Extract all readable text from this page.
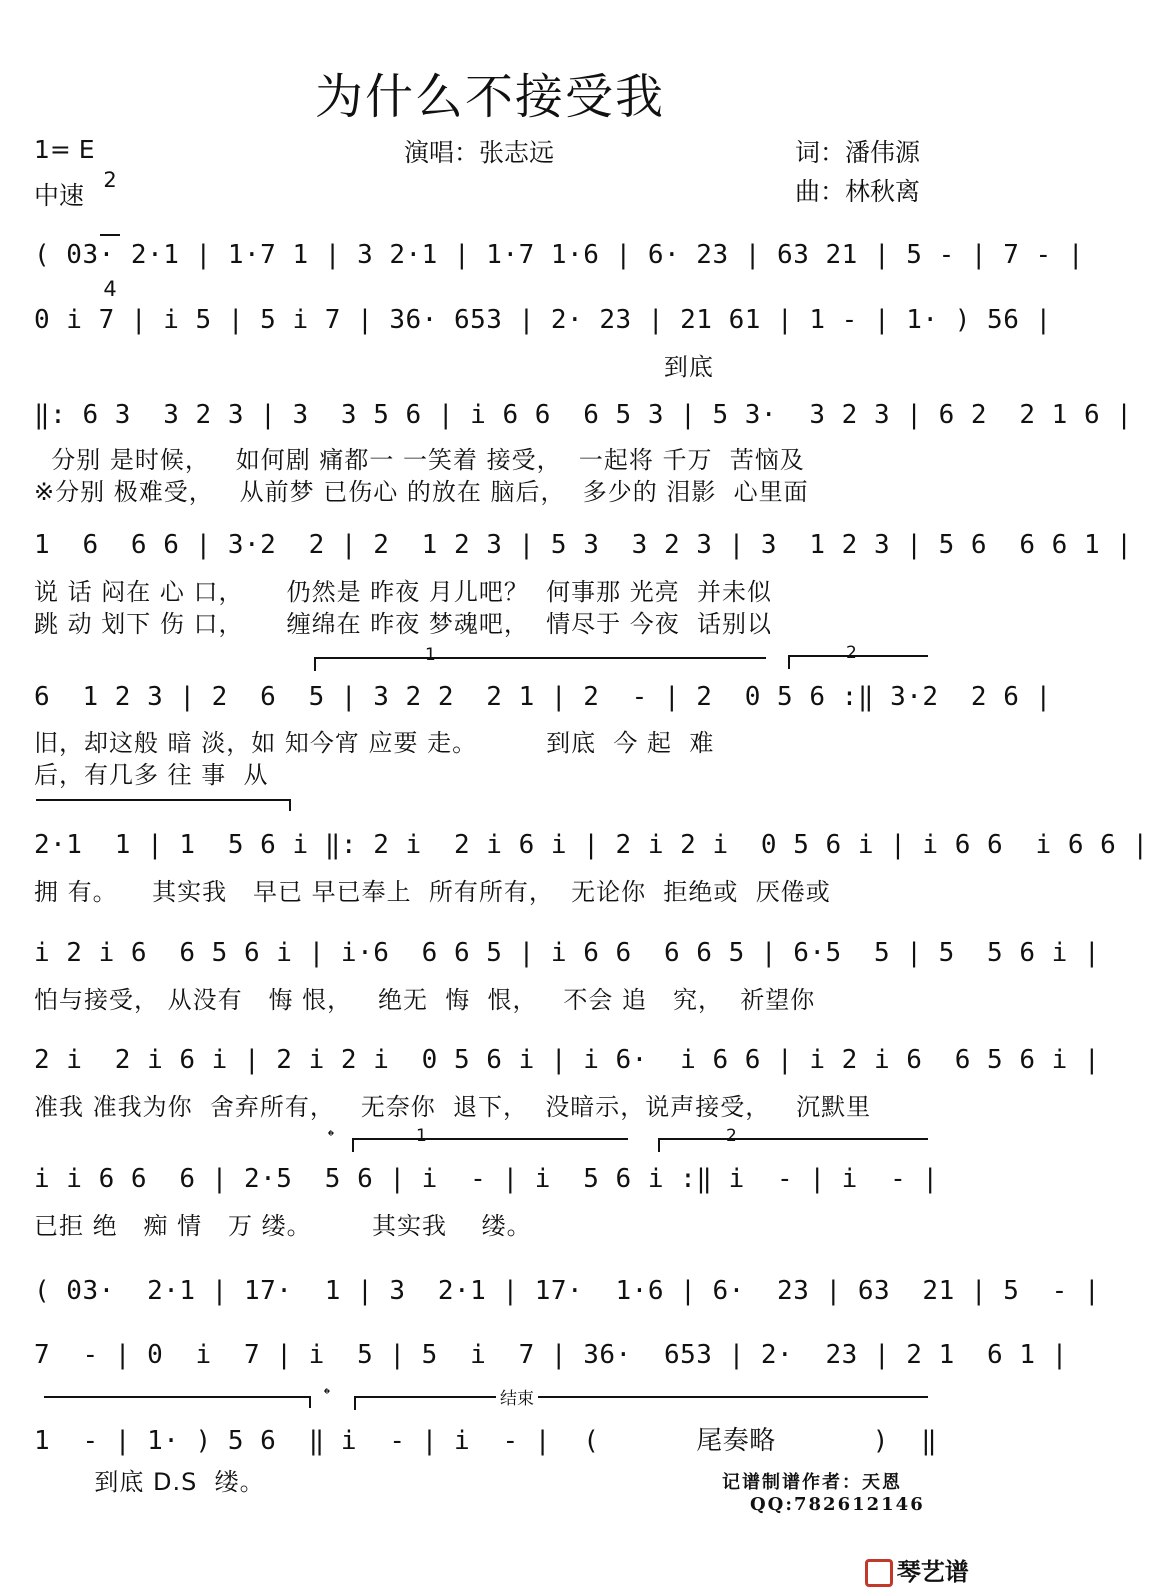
为什么不接受我
1= E

2

4

中速
演唱：张志远	词：潘伟源
曲：林秋离
( 03· 2·1 | 1·7 1 | 3 2·1 | 1·7 1·6 | 6· 23 | 63 21 | 5 - | 7 - |
0 i 7 | i 5 | 5 i 7 | 36· 653 | 2· 23 | 21 61 | 1 - | 1· ) 56 |
到底
‖: 6 3  3 2 3 | 3  3 5 6 | i 6 6  6 5 3 | 5 3·  3 2 3 | 6 2  2 1 6 |
分别 是时候，   如何剧 痛都一 一笑着 接受，  一起将 千万  苦恼及
※分别 极难受，   从前梦 已伤心 的放在 脑后，  多少的 泪影  心里面
1  6  6 6 | 3·2  2 | 2  1 2 3 | 5 3  3 2 3 | 3  1 2 3 | 5 6  6 6 1 |
说 话 闷在 心 口，     仍然是 昨夜 月儿吧？  何事那 光亮  并未似
跳 动 划下 伤 口，     缠绵在 昨夜 梦魂吧，  情尽于 今夜  话别以
1	2
6  1 2 3 | 2  6  5 | 3 2 2  2 1 | 2  - | 2  0 5 6 :‖ 3·2  2 6 |
旧，却这般 暗 淡，如 知今宵 应要 走。        到底  今 起  难
后，有几多 往 事  从
2·1  1 | 1  5 6 i ‖: 2 i  2 i 6 i | 2 i 2 i  0 5 6 i | i 6 6  i 6 6 |
拥 有。    其实我   早已 早已奉上  所有所有，  无论你  拒绝或  厌倦或
i 2 i 6  6 5 6 i | i·6  6 6 5 | i 6 6  6 6 5 | 6·5  5 | 5  5 6 i |
怕与接受， 从没有   悔 恨，   绝无  悔  恨，   不会 追   究，  祈望你
2 i  2 i 6 i | 2 i 2 i  0 5 6 i | i 6·  i 6 6 | i 2 i 6  6 5 6 i |
准我 准我为你  舍弃所有，   无奈你  退下，  没暗示，说声接受，   沉默里
𝄌	1	2
i i 6 6  6 | 2·5  5 6 | i  - | i  5 6 i :‖ i  - | i  - |
已拒 绝   痴 情   万 缕。       其实我    缕。
( 03·  2·1 | 17·  1 | 3  2·1 | 17·  1·6 | 6·  23 | 63  21 | 5  - |
7  - | 0  i  7 | i  5 | 5  i  7 | 36·  653 | 2·  23 | 2 1  6 1 |
𝄌	结束
1  - | 1· ) 5 6  ‖ i  - | i  - |  (      尾奏略      )  ‖
到底 D.S  缕。	记谱制谱作者：天恩
QQ:782612146

琴艺谱
